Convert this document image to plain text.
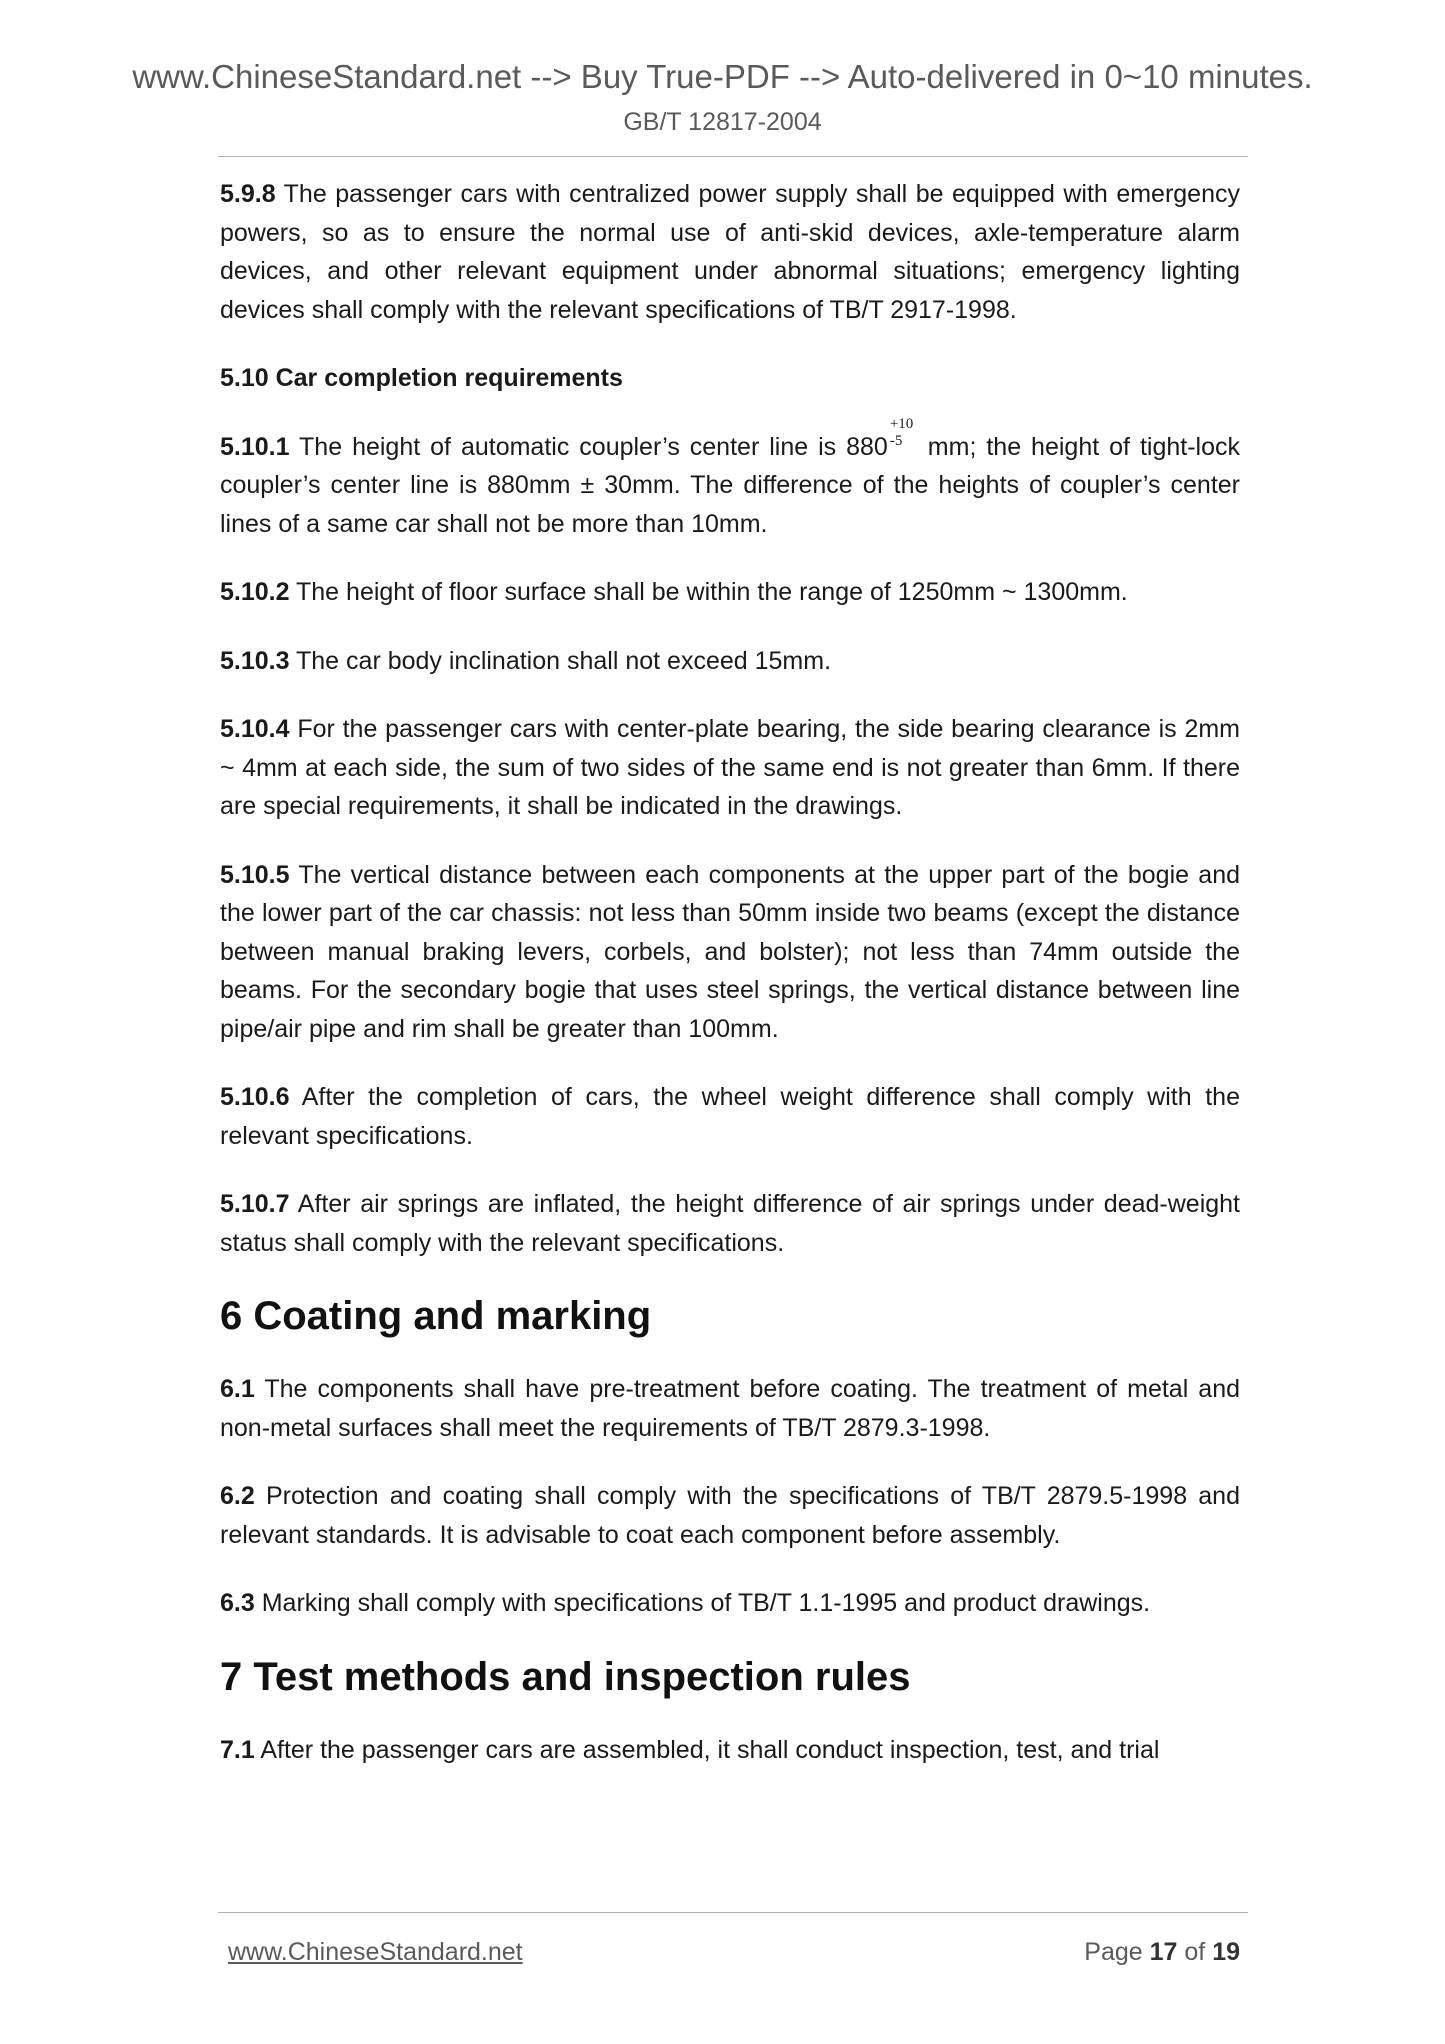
www.ChineseStandard.net --> Buy True-PDF --> Auto-delivered in 0~10 minutes.
GB/T 12817-2004

5.9.8 The passenger cars with centralized power supply shall be equipped with emergency powers, so as to ensure the normal use of anti-skid devices, axle-temperature alarm devices, and other relevant equipment under abnormal situations; emergency lighting devices shall comply with the relevant specifications of TB/T 2917-1998.

5.10 Car completion requirements

5.10.1 The height of automatic coupler’s center line is 880
+10
-5 mm; the height of tight-lock coupler’s center line is 880mm ± 30mm. The difference of the heights of coupler’s center lines of a same car shall not be more than 10mm.

5.10.2 The height of floor surface shall be within the range of 1250mm ~ 1300mm.

5.10.3 The car body inclination shall not exceed 15mm.

5.10.4 For the passenger cars with center-plate bearing, the side bearing clearance is 2mm ~ 4mm at each side, the sum of two sides of the same end is not greater than 6mm. If there are special requirements, it shall be indicated in the drawings.

5.10.5 The vertical distance between each components at the upper part of the bogie and the lower part of the car chassis: not less than 50mm inside two beams (except the distance between manual braking levers, corbels, and bolster); not less than 74mm outside the beams. For the secondary bogie that uses steel springs, the vertical distance between line pipe/air pipe and rim shall be greater than 100mm.

5.10.6 After the completion of cars, the wheel weight difference shall comply with the relevant specifications.

5.10.7 After air springs are inflated, the height difference of air springs under dead-weight status shall comply with the relevant specifications.

6 Coating and marking

6.1 The components shall have pre-treatment before coating. The treatment of metal and non-metal surfaces shall meet the requirements of TB/T 2879.3-1998.

6.2 Protection and coating shall comply with the specifications of TB/T 2879.5-1998 and relevant standards. It is advisable to coat each component before assembly.

6.3 Marking shall comply with specifications of TB/T 1.1-1995 and product drawings.

7 Test methods and inspection rules

7.1 After the passenger cars are assembled, it shall conduct inspection, test, and trial

www.ChineseStandard.net	Page 17 of 19
